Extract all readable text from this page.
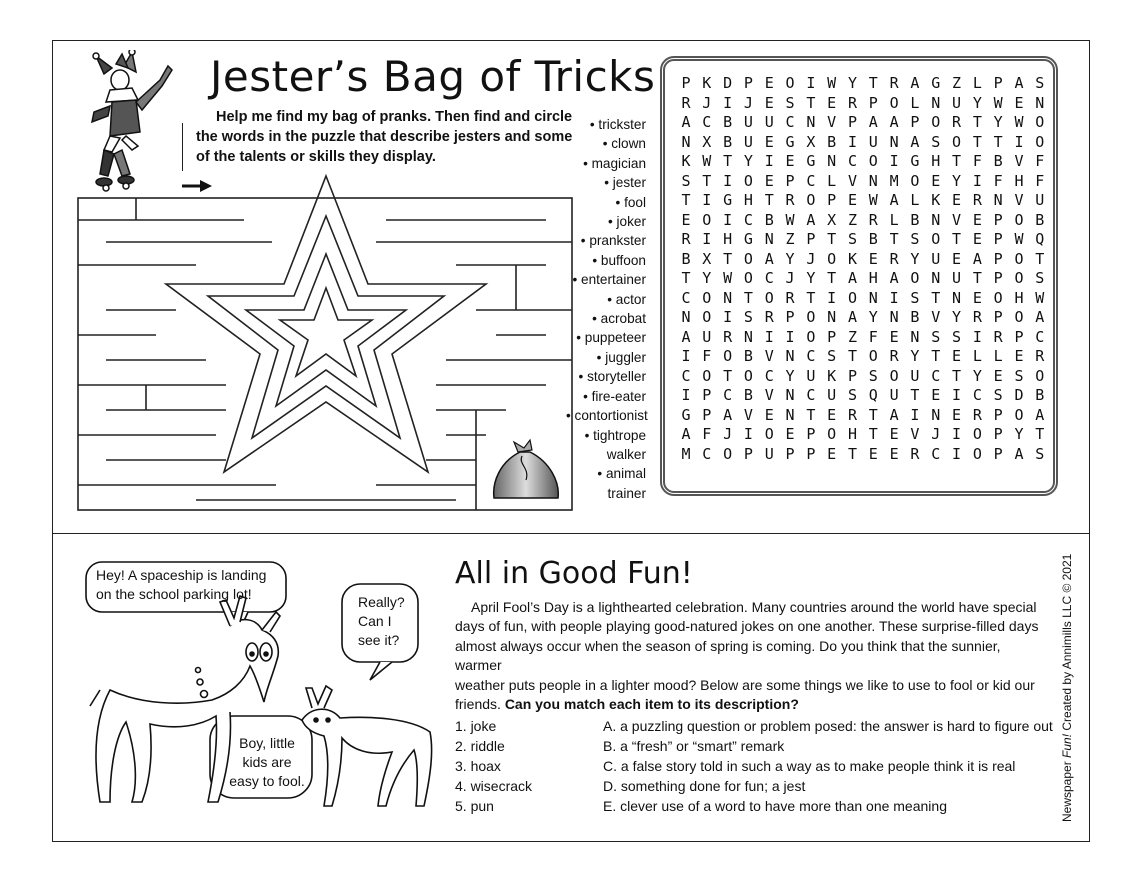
Jester’s Bag of Tricks
Help me find my bag of pranks. Then find and circle
the words in the puzzle that describe jesters and some
of the talents or skills they display.
• trickster
• clown
• magician
• jester
• fool
• joker
• prankster
• buffoon
• entertainer
• actor
• acrobat
• puppeteer
• juggler
• storyteller
• fire-eater
• contortionist
• tightrope
walker
• animal
trainer
P K D P E O I W Y T R A G Z L P A S
R J I J E S T E R P O L N U Y W E N
A C B U U C N V P A A P O R T Y W O
N X B U E G X B I U N A S O T T I O
K W T Y I E G N C O I G H T F B V F
S T I O E P C L V N M O E Y I F H F
T I G H T R O P E W A L K E R N V U
E O I C B W A X Z R L B N V E P O B
R I H G N Z P T S B T S O T E P W Q
B X T O A Y J O K E R Y U E A P O T
T Y W O C J Y T A H A O N U T P O S
C O N T O R T I O N I S T N E O H W
N O I S R P O N A Y N B V Y R P O A
A U R N I I O P Z F E N S S I R P C
I F O B V N C S T O R Y T E L L E R
C O T O C Y U K P S O U C T Y E S O
I P C B V N C U S Q U T E I C S D B
G P A V E N T E R T A I N E R P O A
A F J I O E P O H T E V J I O P Y T
M C O P U P P E T E E R C I O P A S
Hey! A spaceship is landing
on the school parking lot!	Really?
Can I
see it?
Boy, little
kids are
easy to fool.
All in Good Fun!
April Fool’s Day is a lighthearted celebration. Many countries around the world have special
days of fun, with people playing good-natured jokes on one another. These surprise-filled days
almost always occur when the season of spring is coming. Do you think that the sunnier, warmer
weather puts people in a lighter mood? Below are some things we like to use to fool or kid our
friends. Can you match each item to its description?
1. joke
2. riddle
3. hoax
4. wisecrack
5. pun
A. a puzzling question or problem posed: the answer is hard to figure out
B. a “fresh” or “smart” remark
C. a false story told in such a way as to make people think it is real
D. something done for fun; a jest
E. clever use of a word to have more than one meaning	Newspaper Fun! Created by Annimills LLC © 2021
